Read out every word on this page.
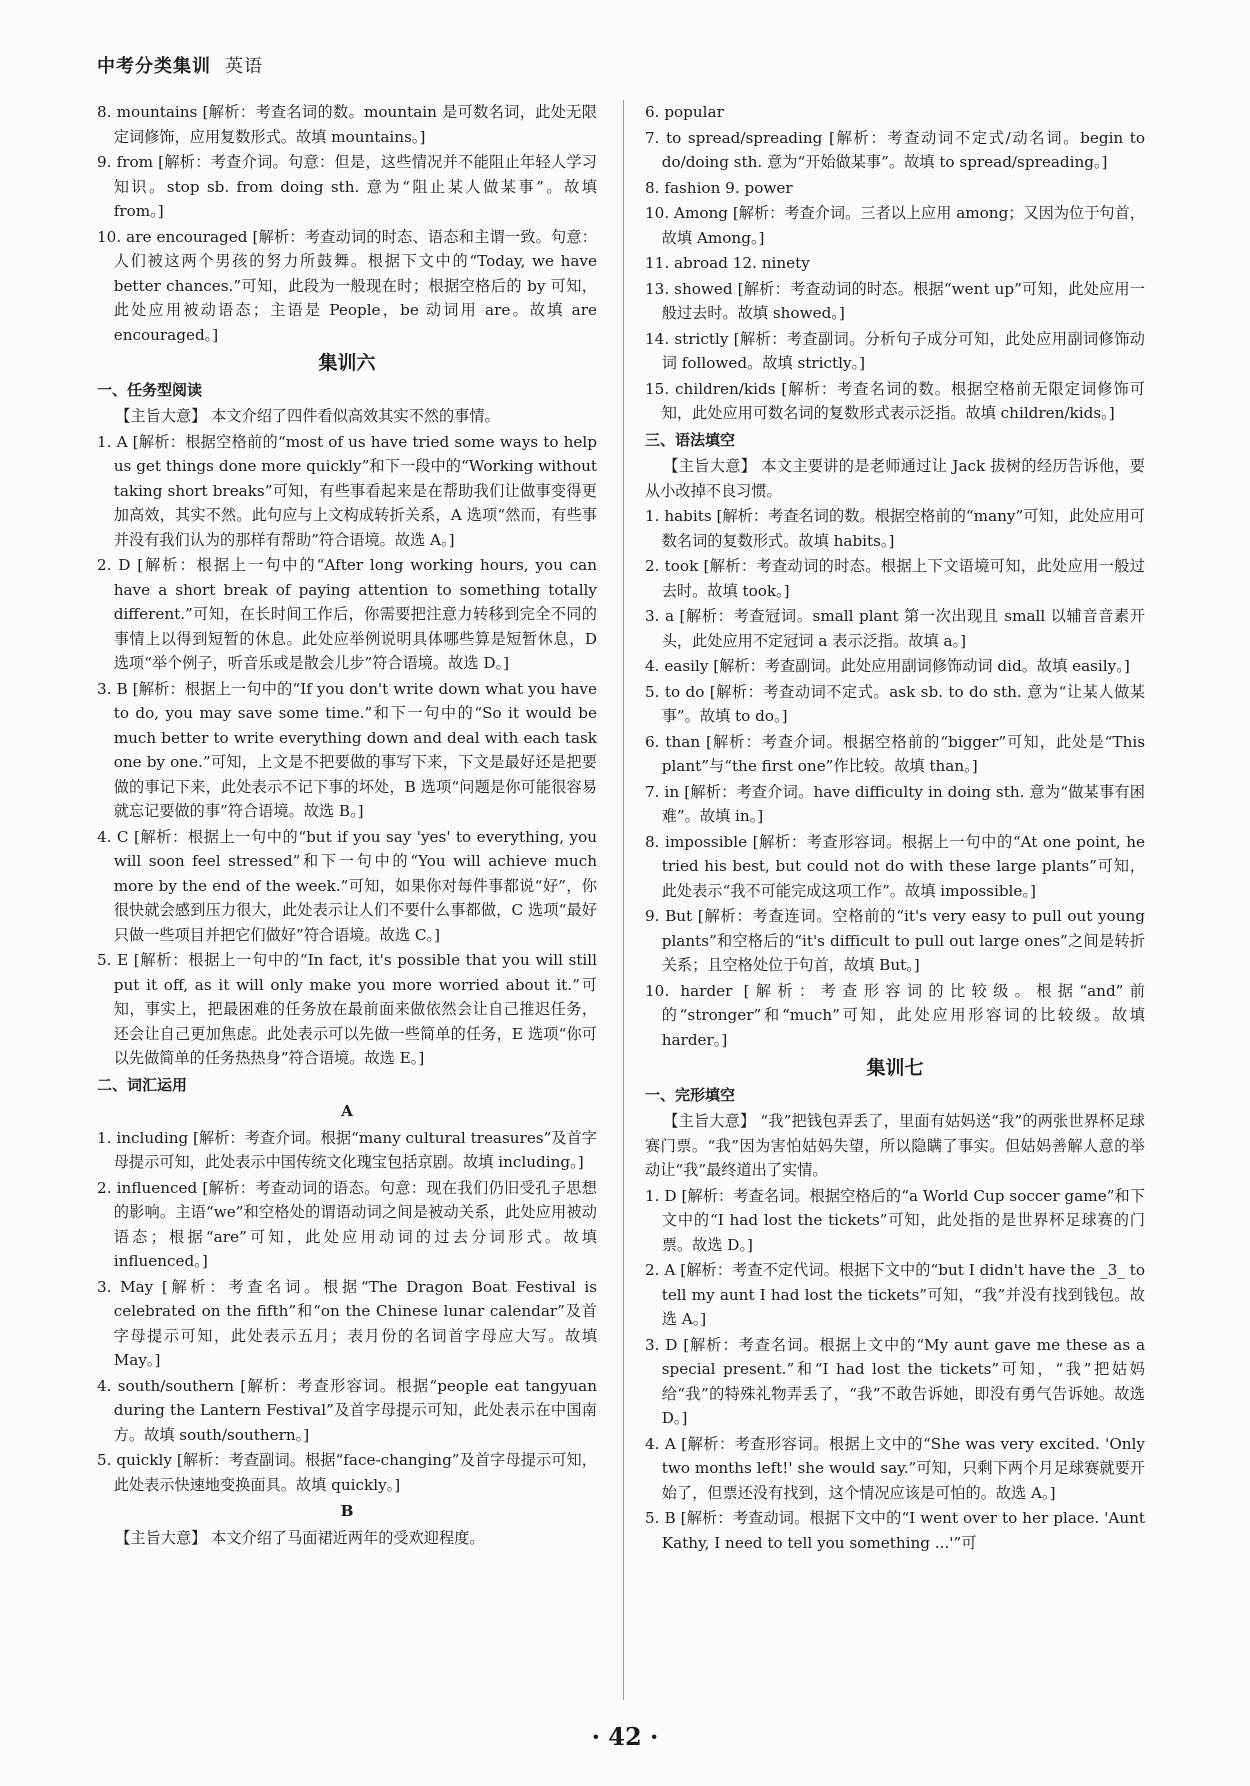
中考分类集训 英语
8. mountains [解析：考查名词的数。mountain 是可数名词，此处无限定词修饰，应用复数形式。故填 mountains。]
9. from [解析：考查介词。句意：但是，这些情况并不能阻止年轻人学习知识。stop sb. from doing sth. 意为“阻止某人做某事”。故填 from。]
10. are encouraged [解析：考查动词的时态、语态和主谓一致。句意：人们被这两个男孩的努力所鼓舞。根据下文中的“Today, we have better chances.”可知，此段为一般现在时；根据空格后的 by 可知，此处应用被动语态；主语是 People，be 动词用 are。故填 are encouraged。]
集训六
一、任务型阅读
【主旨大意】 本文介绍了四件看似高效其实不然的事情。
1. A [解析：根据空格前的“most of us have tried some ways to help us get things done more quickly”和下一段中的“Working without taking short breaks”可知，有些事看起来是在帮助我们让做事变得更加高效，其实不然。此句应与上文构成转折关系，A 选项“然而，有些事并没有我们认为的那样有帮助”符合语境。故选 A。]
2. D [解析：根据上一句中的“After long working hours, you can have a short break of paying attention to something totally different.”可知，在长时间工作后，你需要把注意力转移到完全不同的事情上以得到短暂的休息。此处应举例说明具体哪些算是短暂休息，D 选项“举个例子，听音乐或是散会儿步”符合语境。故选 D。]
3. B [解析：根据上一句中的“If you don't write down what you have to do, you may save some time.”和下一句中的“So it would be much better to write everything down and deal with each task one by one.”可知，上文是不把要做的事写下来，下文是最好还是把要做的事记下来，此处表示不记下事的坏处，B 选项“问题是你可能很容易就忘记要做的事”符合语境。故选 B。]
4. C [解析：根据上一句中的“but if you say 'yes' to everything, you will soon feel stressed”和下一句中的“You will achieve much more by the end of the week.”可知，如果你对每件事都说“好”，你很快就会感到压力很大，此处表示让人们不要什么事都做，C 选项“最好只做一些项目并把它们做好”符合语境。故选 C。]
5. E [解析：根据上一句中的“In fact, it's possible that you will still put it off, as it will only make you more worried about it.”可知，事实上，把最困难的任务放在最前面来做依然会让自己推迟任务，还会让自己更加焦虑。此处表示可以先做一些简单的任务，E 选项“你可以先做简单的任务热热身”符合语境。故选 E。]
二、词汇运用
A
1. including [解析：考查介词。根据“many cultural treasures”及首字母提示可知，此处表示中国传统文化瑰宝包括京剧。故填 including。]
2. influenced [解析：考查动词的语态。句意：现在我们仍旧受孔子思想的影响。主语“we”和空格处的谓语动词之间是被动关系，此处应用被动语态；根据“are”可知，此处应用动词的过去分词形式。故填 influenced。]
3. May [解析：考查名词。根据“The Dragon Boat Festival is celebrated on the fifth”和“on the Chinese lunar calendar”及首字母提示可知，此处表示五月；表月份的名词首字母应大写。故填 May。]
4. south/southern [解析：考查形容词。根据“people eat tangyuan during the Lantern Festival”及首字母提示可知，此处表示在中国南方。故填 south/southern。]
5. quickly [解析：考查副词。根据“face-changing”及首字母提示可知，此处表示快速地变换面具。故填 quickly。]
B
【主旨大意】 本文介绍了马面裙近两年的受欢迎程度。
6. popular
7. to spread/spreading [解析：考查动词不定式/动名词。begin to do/doing sth. 意为“开始做某事”。故填 to spread/spreading。]
8. fashion 9. power
10. Among [解析：考查介词。三者以上应用 among；又因为位于句首，故填 Among。]
11. abroad 12. ninety
13. showed [解析：考查动词的时态。根据“went up”可知，此处应用一般过去时。故填 showed。]
14. strictly [解析：考查副词。分析句子成分可知，此处应用副词修饰动词 followed。故填 strictly。]
15. children/kids [解析：考查名词的数。根据空格前无限定词修饰可知，此处应用可数名词的复数形式表示泛指。故填 children/kids。]
三、语法填空
【主旨大意】 本文主要讲的是老师通过让 Jack 拔树的经历告诉他，要从小改掉不良习惯。
1. habits [解析：考查名词的数。根据空格前的“many”可知，此处应用可数名词的复数形式。故填 habits。]
2. took [解析：考查动词的时态。根据上下文语境可知，此处应用一般过去时。故填 took。]
3. a [解析：考查冠词。small plant 第一次出现且 small 以辅音音素开头，此处应用不定冠词 a 表示泛指。故填 a。]
4. easily [解析：考查副词。此处应用副词修饰动词 did。故填 easily。]
5. to do [解析：考查动词不定式。ask sb. to do sth. 意为“让某人做某事”。故填 to do。]
6. than [解析：考查介词。根据空格前的“bigger”可知，此处是“This plant”与“the first one”作比较。故填 than。]
7. in [解析：考查介词。have difficulty in doing sth. 意为“做某事有困难”。故填 in。]
8. impossible [解析：考查形容词。根据上一句中的“At one point, he tried his best, but could not do with these large plants”可知，此处表示“我不可能完成这项工作”。故填 impossible。]
9. But [解析：考查连词。空格前的“it's very easy to pull out young plants”和空格后的“it's difficult to pull out large ones”之间是转折关系；且空格处位于句首，故填 But。]
10. harder [解析：考查形容词的比较级。根据“and”前的“stronger”和“much”可知，此处应用形容词的比较级。故填 harder。]
集训七
一、完形填空
【主旨大意】 “我”把钱包弄丢了，里面有姑妈送“我”的两张世界杯足球赛门票。“我”因为害怕姑妈失望，所以隐瞒了事实。但姑妈善解人意的举动让“我”最终道出了实情。
1. D [解析：考查名词。根据空格后的“a World Cup soccer game”和下文中的“I had lost the tickets”可知，此处指的是世界杯足球赛的门票。故选 D。]
2. A [解析：考查不定代词。根据下文中的“but I didn't have the _3_ to tell my aunt I had lost the tickets”可知，“我”并没有找到钱包。故选 A。]
3. D [解析：考查名词。根据上文中的“My aunt gave me these as a special present.”和“I had lost the tickets”可知，“我”把姑妈给“我”的特殊礼物弄丢了，“我”不敢告诉她，即没有勇气告诉她。故选 D。]
4. A [解析：考查形容词。根据上文中的“She was very excited. 'Only two months left!' she would say.”可知，只剩下两个月足球赛就要开始了，但票还没有找到，这个情况应该是可怕的。故选 A。]
5. B [解析：考查动词。根据下文中的“I went over to her place. 'Aunt Kathy, I need to tell you something ...'”可
· 42 ·
